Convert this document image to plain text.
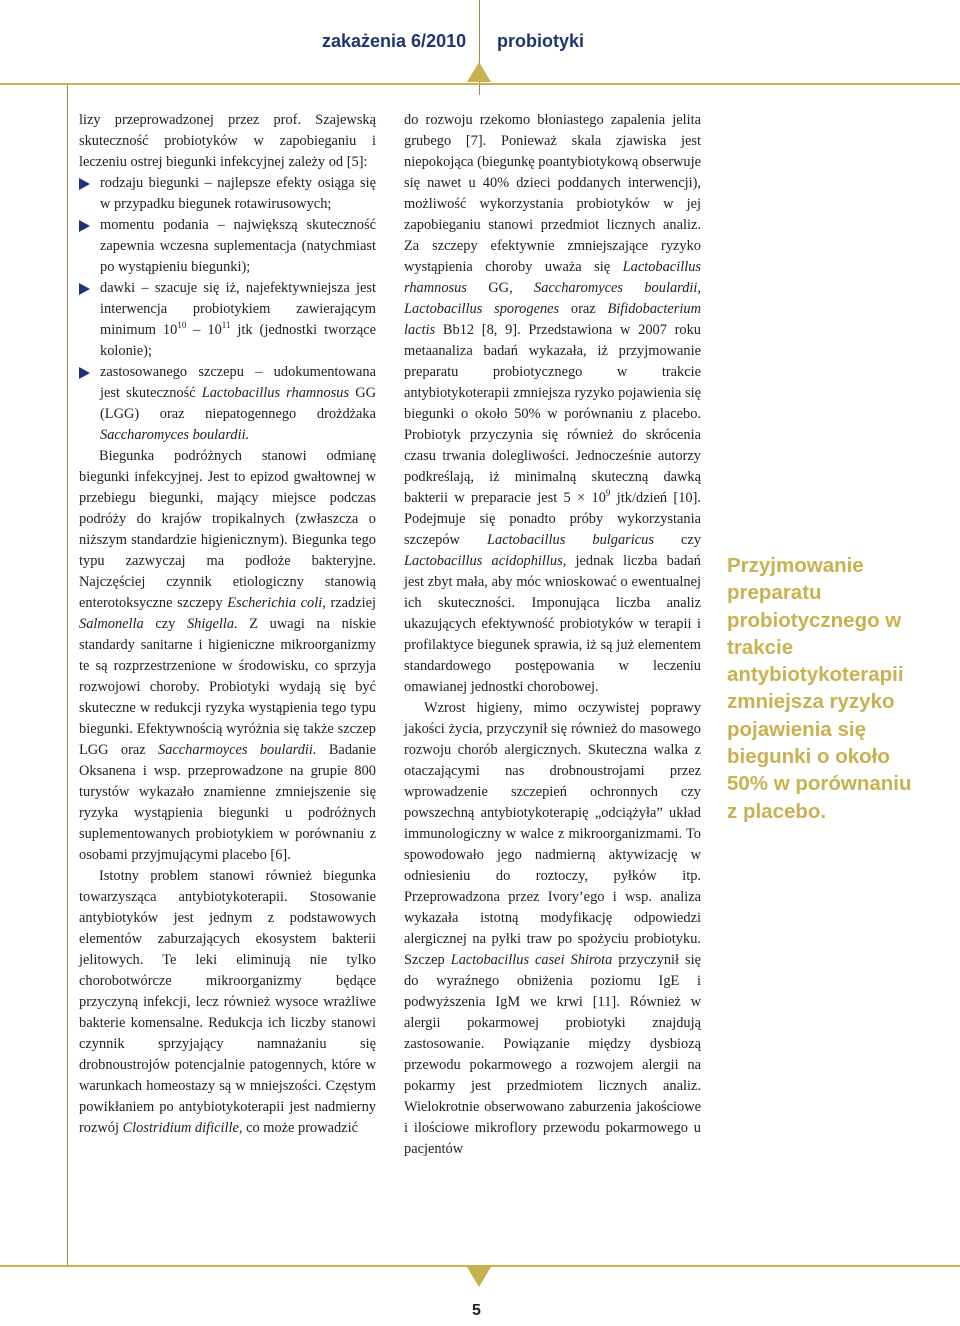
zakażenia 6/2010 probiotyki

lizy przeprowadzonej przez prof. Szajewską skuteczność probiotyków w zapobieganiu i leczeniu ostrej biegunki infekcyjnej zależy od [5]:

rodzaju biegunki – najlepsze efekty osiąga się w przypadku biegunek rotawirusowych;

momentu podania – największą skuteczność zapewnia wczesna suplementacja (natychmiast po wystąpieniu biegunki);

dawki – szacuje się iż, najefektywniejsza jest interwencja probiotykiem zawierającym minimum $10^{10} - 10^{11}$ jtk (jednostki tworzące kolonie);

zastosowanego szczepu – udokumentowana jest skuteczność Lactobacillus rhamnosus GG (LGG) oraz niepatogennego drożdżaka Saccharomyces boulardii.

Biegunka podróżnych stanowi odmianę biegunki infekcyjnej. Jest to epizod gwałtownej w przebiegu biegunki, mający miejsce podczas podróży do krajów tropikalnych (zwłaszcza o niższym standardzie higienicznym). Biegunka tego typu zazwyczaj ma podłoże bakteryjne. Najczęściej czynnik etiologiczny stanowią enterotoksyczne szczepy Escherichia coli, rzadziej Salmonella czy Shigella. Z uwagi na niskie standardy sanitarne i higieniczne mikroorganizmy te są rozprzestrzenione w środowisku, co sprzyja rozwojowi choroby. Probiotyki wydają się być skuteczne w redukcji ryzyka wystąpienia tego typu biegunki. Efektywnością wyróżnia się także szczep LGG oraz Saccharmoyces boulardii. Badanie Oksanena i wsp. przeprowadzone na grupie 800 turystów wykazało znamienne zmniejszenie się ryzyka wystąpienia biegunki u podróżnych suplementowanych probiotykiem w porównaniu z osobami przyjmującymi placebo [6].

Istotny problem stanowi również biegunka towarzysząca antybiotykoterapii. Stosowanie antybiotyków jest jednym z podstawowych elementów zaburzających ekosystem bakterii jelitowych. Te leki eliminują nie tylko chorobotwórcze mikroorganizmy będące przyczyną infekcji, lecz również wysoce wrażliwe bakterie komensalne. Redukcja ich liczby stanowi czynnik sprzyjający namnażaniu się drobnoustrojów potencjalnie patogennych, które w warunkach homeostazy są w mniejszości. Częstym powikłaniem po antybiotykoterapii jest nadmierny rozwój Clostridium dificille, co może prowadzić

do rozwoju rzekomo błoniastego zapalenia jelita grubego [7]. Ponieważ skala zjawiska jest niepokojąca (biegunkę poantybiotykową obserwuje się nawet u 40% dzieci poddanych interwencji), możliwość wykorzystania probiotyków w jej zapobieganiu stanowi przedmiot licznych analiz. Za szczepy efektywnie zmniejszające ryzyko wystąpienia choroby uważa się Lactobacillus rhamnosus GG, Saccharomyces boulardii, Lactobacillus sporogenes oraz Bifidobacterium lactis Bb12 [8, 9]. Przedstawiona w 2007 roku metaanaliza badań wykazała, iż przyjmowanie preparatu probiotycznego w trakcie antybiotykoterapii zmniejsza ryzyko pojawienia się biegunki o około 50% w porównaniu z placebo. Probiotyk przyczynia się również do skrócenia czasu trwania dolegliwości. Jednocześnie autorzy podkreślają, iż minimalną skuteczną dawką bakterii w preparacie jest $5 \times 10^9$ jtk/dzień [10]. Podejmuje się ponadto próby wykorzystania szczepów Lactobacillus bulgaricus czy Lactobacillus acidophillus, jednak liczba badań jest zbyt mała, aby móc wnioskować o ewentualnej ich skuteczności. Imponująca liczba analiz ukazujących efektywność probiotyków w terapii i profilaktyce biegunek sprawia, iż są już elementem standardowego postępowania w leczeniu omawianej jednostki chorobowej.

Wzrost higieny, mimo oczywistej poprawy jakości życia, przyczynił się również do masowego rozwoju chorób alergicznych. Skuteczna walka z otaczającymi nas drobnoustrojami przez wprowadzenie szczepień ochronnych czy powszechną antybiotykoterapię „odciążyła” układ immunologiczny w walce z mikroorganizmami. To spowodowało jego nadmierną aktywizację w odniesieniu do roztoczy, pyłków itp. Przeprowadzona przez Ivory’ego i wsp. analiza wykazała istotną modyfikację odpowiedzi alergicznej na pyłki traw po spożyciu probiotyku. Szczep Lactobacillus casei Shirota przyczynił się do wyraźnego obniżenia poziomu IgE i podwyższenia IgM we krwi [11]. Również w alergii pokarmowej probiotyki znajdują zastosowanie. Powiązanie między dysbiozą przewodu pokarmowego a rozwojem alergii na pokarmy jest przedmiotem licznych analiz. Wielokrotnie obserwowano zaburzenia jakościowe i ilościowe mikroflory przewodu pokarmowego u pacjentów

Przyjmowanie preparatu probiotycznego w trakcie antybiotykoterapii zmniejsza ryzyko pojawienia się biegunki o około 50% w porównaniu z placebo.

5
